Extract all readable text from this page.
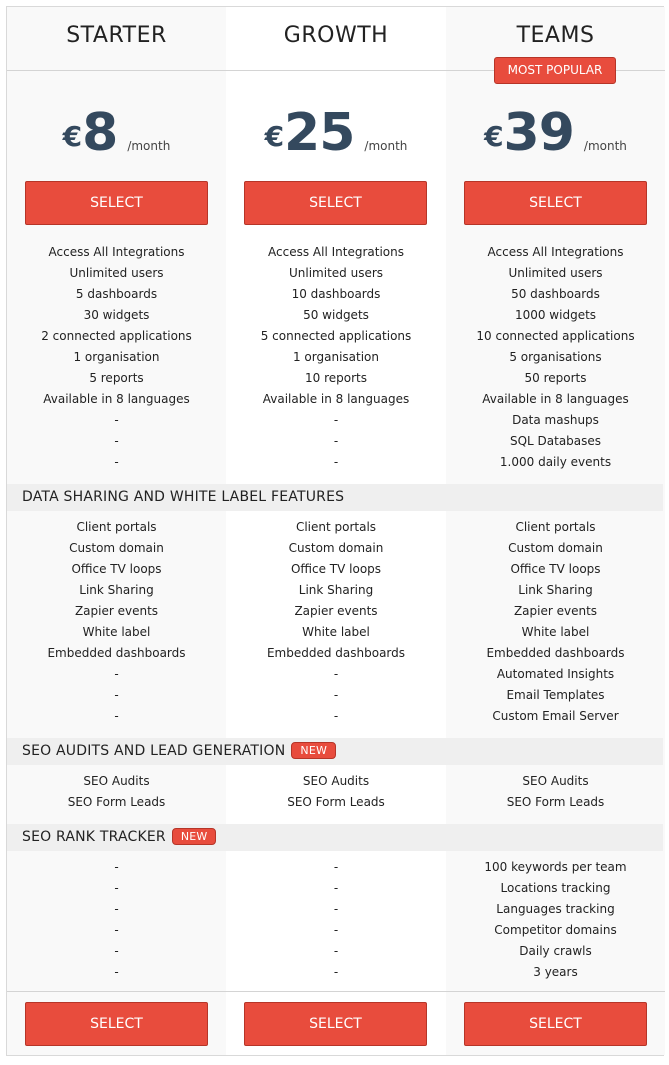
STARTER
€8 /month
SELECT
SELECT
Access All Integrations
Unlimited users
5 dashboards
30 widgets
2 connected applications
1 organisation
5 reports
Available in 8 languages
-
-
-
Client portals
Custom domain
Office TV loops
Link Sharing
Zapier events
White label
Embedded dashboards
-
-
-
SEO Audits
SEO Form Leads
-
-
-
-
-
-
GROWTH
€25 /month
SELECT
SELECT
Access All Integrations
Unlimited users
10 dashboards
50 widgets
5 connected applications
1 organisation
10 reports
Available in 8 languages
-
-
-
Client portals
Custom domain
Office TV loops
Link Sharing
Zapier events
White label
Embedded dashboards
-
-
-
SEO Audits
SEO Form Leads
-
-
-
-
-
-
TEAMS
MOST POPULAR
€39 /month
SELECT
SELECT
Access All Integrations
Unlimited users
50 dashboards
1000 widgets
10 connected applications
5 organisations
50 reports
Available in 8 languages
Data mashups
SQL Databases
1.000 daily events
Client portals
Custom domain
Office TV loops
Link Sharing
Zapier events
White label
Embedded dashboards
Automated Insights
Email Templates
Custom Email Server
SEO Audits
SEO Form Leads
100 keywords per team
Locations tracking
Languages tracking
Competitor domains
Daily crawls
3 years
DATA SHARING AND WHITE LABEL FEATURES
SEO AUDITS AND LEAD GENERATION NEW
SEO RANK TRACKER NEW
